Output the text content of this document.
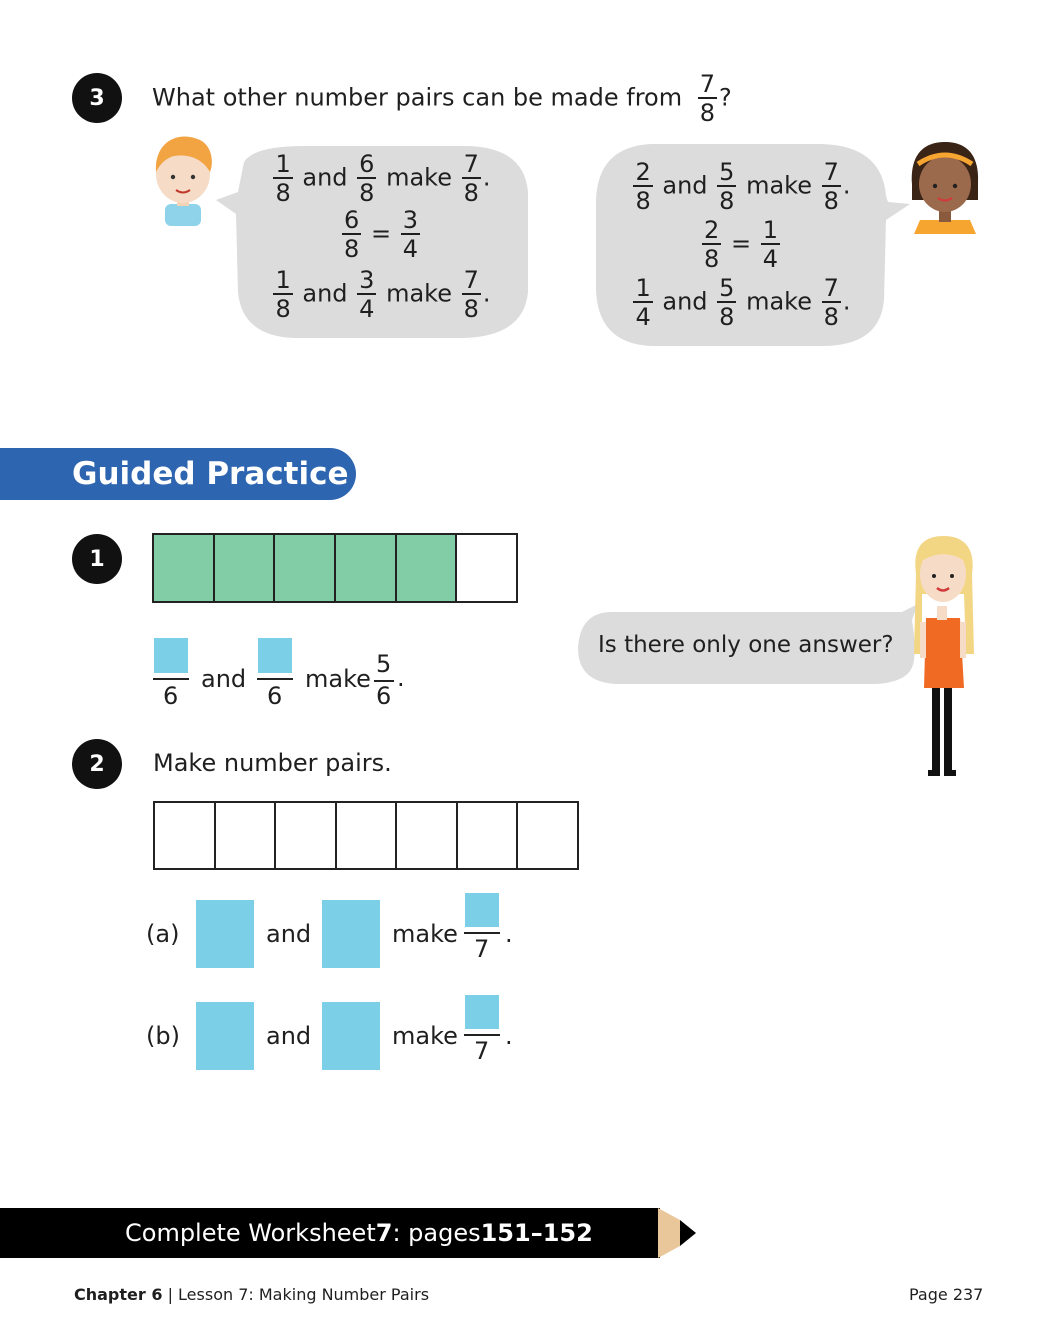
3	What other number pairs can be made from $\frac{7}{8}$ ?
$\frac{1}{8}$ and $\frac{6}{8}$ make $\frac{7}{8}$ .
$\frac{6}{8} = \frac{3}{4}$
$\frac{1}{8}$ and $\frac{3}{4}$ make $\frac{7}{8}$ .
$\frac{2}{8}$ and $\frac{5}{8}$ make $\frac{7}{8}$ .
$\frac{2}{8} = \frac{1}{4}$
$\frac{1}{4}$ and $\frac{5}{8}$ make $\frac{7}{8}$ .
Guided Practice
1
6
and
6
make
5
6
.
Is there only one answer?
2	Make number pairs.
(a)	and	make
7
.
(b)	and	make
7
.
Complete Worksheet 7 : pages 151–152
Chapter 6 | Lesson 7: Making Number Pairs	Page 237
